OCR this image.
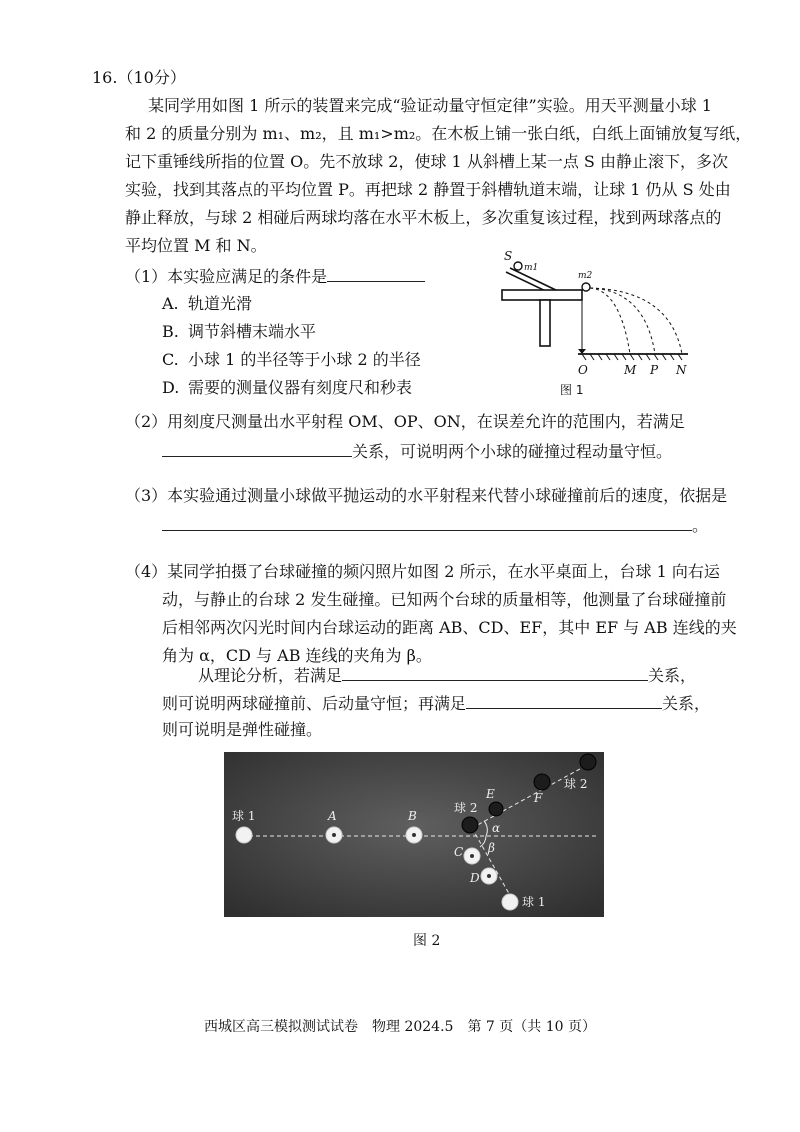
16.（10分）
某同学用如图 1 所示的装置来完成“验证动量守恒定律”实验。用天平测量小球 1
和 2 的质量分别为 m₁、m₂，且 m₁>m₂。在木板上铺一张白纸，白纸上面铺放复写纸，
记下重锤线所指的位置 O。先不放球 2，使球 1 从斜槽上某一点 S 由静止滚下，多次
实验，找到其落点的平均位置 P。再把球 2 静置于斜槽轨道末端，让球 1 仍从 S 处由
静止释放，与球 2 相碰后两球均落在水平木板上，多次重复该过程，找到两球落点的
平均位置 M 和 N。
（1）本实验应满足的条件是
A. 轨道光滑
B. 调节斜槽末端水平
C. 小球 1 的半径等于小球 2 的半径
D. 需要的测量仪器有刻度尺和秒表
S
m1
m2
O	M P N
图 1
（2）用刻度尺测量出水平射程 OM、OP、ON，在误差允许的范围内，若满足
关系，可说明两个小球的碰撞过程动量守恒。
（3）本实验通过测量小球做平抛运动的水平射程来代替小球碰撞前后的速度，依据是
。
（4）某同学拍摄了台球碰撞的频闪照片如图 2 所示，在水平桌面上，台球 1 向右运
动，与静止的台球 2 发生碰撞。已知两个台球的质量相等，他测量了台球碰撞前
后相邻两次闪光时间内台球运动的距离 AB、CD、EF，其中 EF 与 AB 连线的夹
角为 α，CD 与 AB 连线的夹角为 β。
从理论分析，若满足	关系，
则可说明两球碰撞前、后动量守恒；再满足	关系，
则可说明是弹性碰撞。
球 1	A	B
球 2
E	F
球 2
α
β
C
D
球 1
图 2
西城区高三模拟测试试卷　物理 2024.5　第 7 页（共 10 页）
